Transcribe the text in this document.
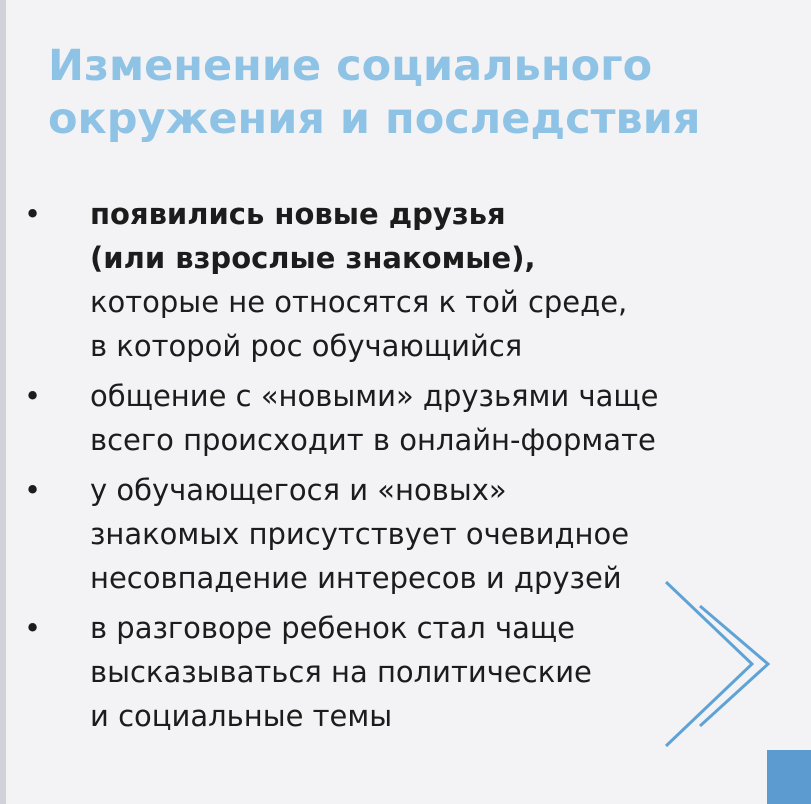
Изменение социального
окружения и последствия
• появились новые друзья
(или взрослые знакомые),
которые не относятся к той среде,
в которой рос обучающийся
• общение с «новыми» друзьями чаще
всего происходит в онлайн-формате
• у обучающегося и «новых»
знакомых присутствует очевидное
несовпадение интересов и друзей
• в разговоре ребенок стал чаще
высказываться на политические
и социальные темы
